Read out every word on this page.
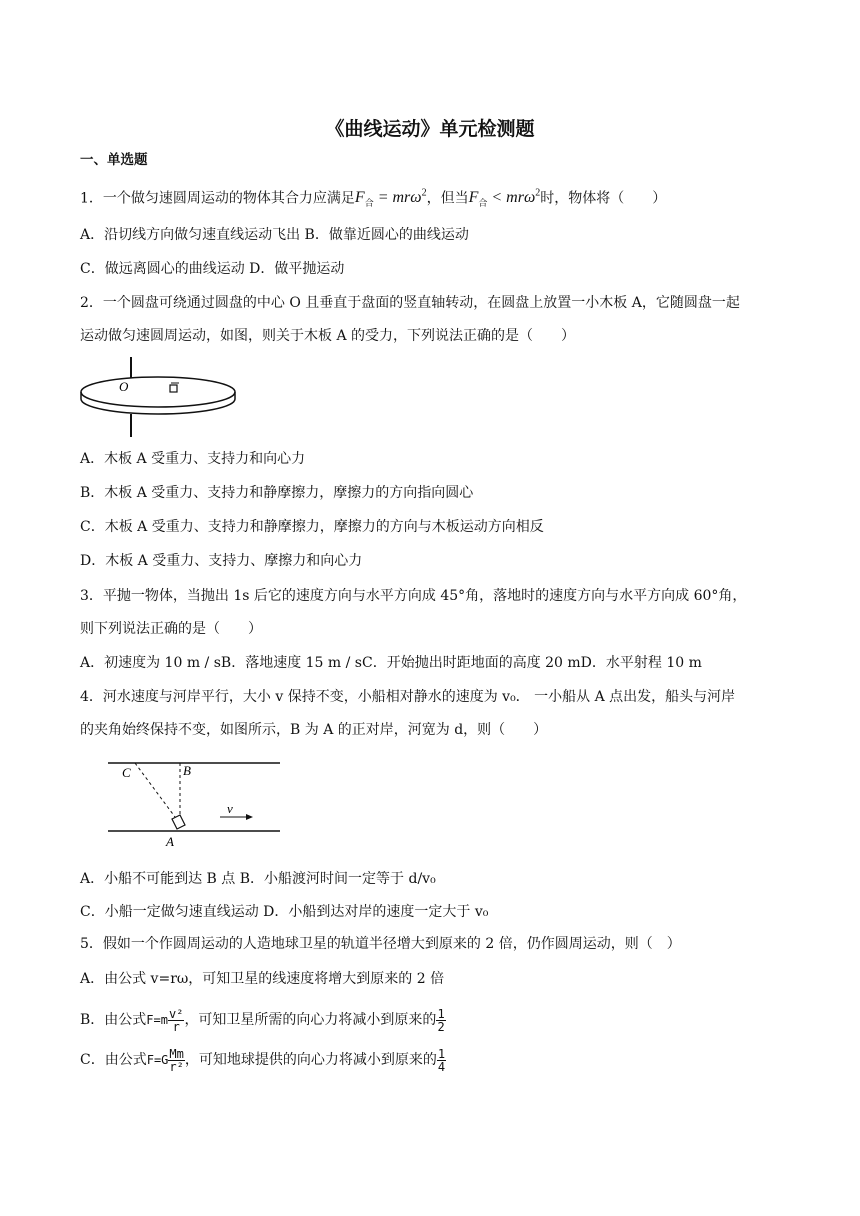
《曲线运动》单元检测题
一、单选题
1．一个做匀速圆周运动的物体其合力应满足$F_合 = mr\omega^2$，但当$F_合 < mr\omega^2$时，物体将（　　）
A．沿切线方向做匀速直线运动飞出 B．做靠近圆心的曲线运动
C．做远离圆心的曲线运动 D．做平抛运动
2．一个圆盘可绕通过圆盘的中心 O 且垂直于盘面的竖直轴转动，在圆盘上放置一小木板 A，它随圆盘一起
运动做匀速圆周运动，如图，则关于木板 A 的受力，下列说法正确的是（　　）
O
A．木板 A 受重力、支持力和向心力
B．木板 A 受重力、支持力和静摩擦力，摩擦力的方向指向圆心
C．木板 A 受重力、支持力和静摩擦力，摩擦力的方向与木板运动方向相反
D．木板 A 受重力、支持力、摩擦力和向心力
3．平抛一物体，当抛出 1s 后它的速度方向与水平方向成 45°角，落地时的速度方向与水平方向成 60°角，
则下列说法正确的是（　　）
A．初速度为 10 m / sB．落地速度 15 m / sC．开始抛出时距地面的高度 20 mD．水平射程 10 m
4．河水速度与河岸平行，大小 v 保持不变，小船相对静水的速度为 v₀． 一小船从 A 点出发，船头与河岸
的夹角始终保持不变，如图所示，B 为 A 的正对岸，河宽为 d，则（　　）
C	B
A
v
A．小船不可能到达 B 点 B．小船渡河时间一定等于 d/v₀
C．小船一定做匀速直线运动 D．小船到达对岸的速度一定大于 v₀
5．假如一个作圆周运动的人造地球卫星的轨道半径增大到原来的 2 倍，仍作圆周运动，则（　）
A．由公式 v=rω，可知卫星的线速度将增大到原来的 2 倍
B．由公式$F=m \frac{\text{v²}}{r}$ ，可知卫星所需的向心力将减小到原来的 $\frac{1}{2}$
C．由公式$F=G \frac{Mm}{\text{r²}}$ ，可知地球提供的向心力将减小到原来的 $\frac{1}{4}$
